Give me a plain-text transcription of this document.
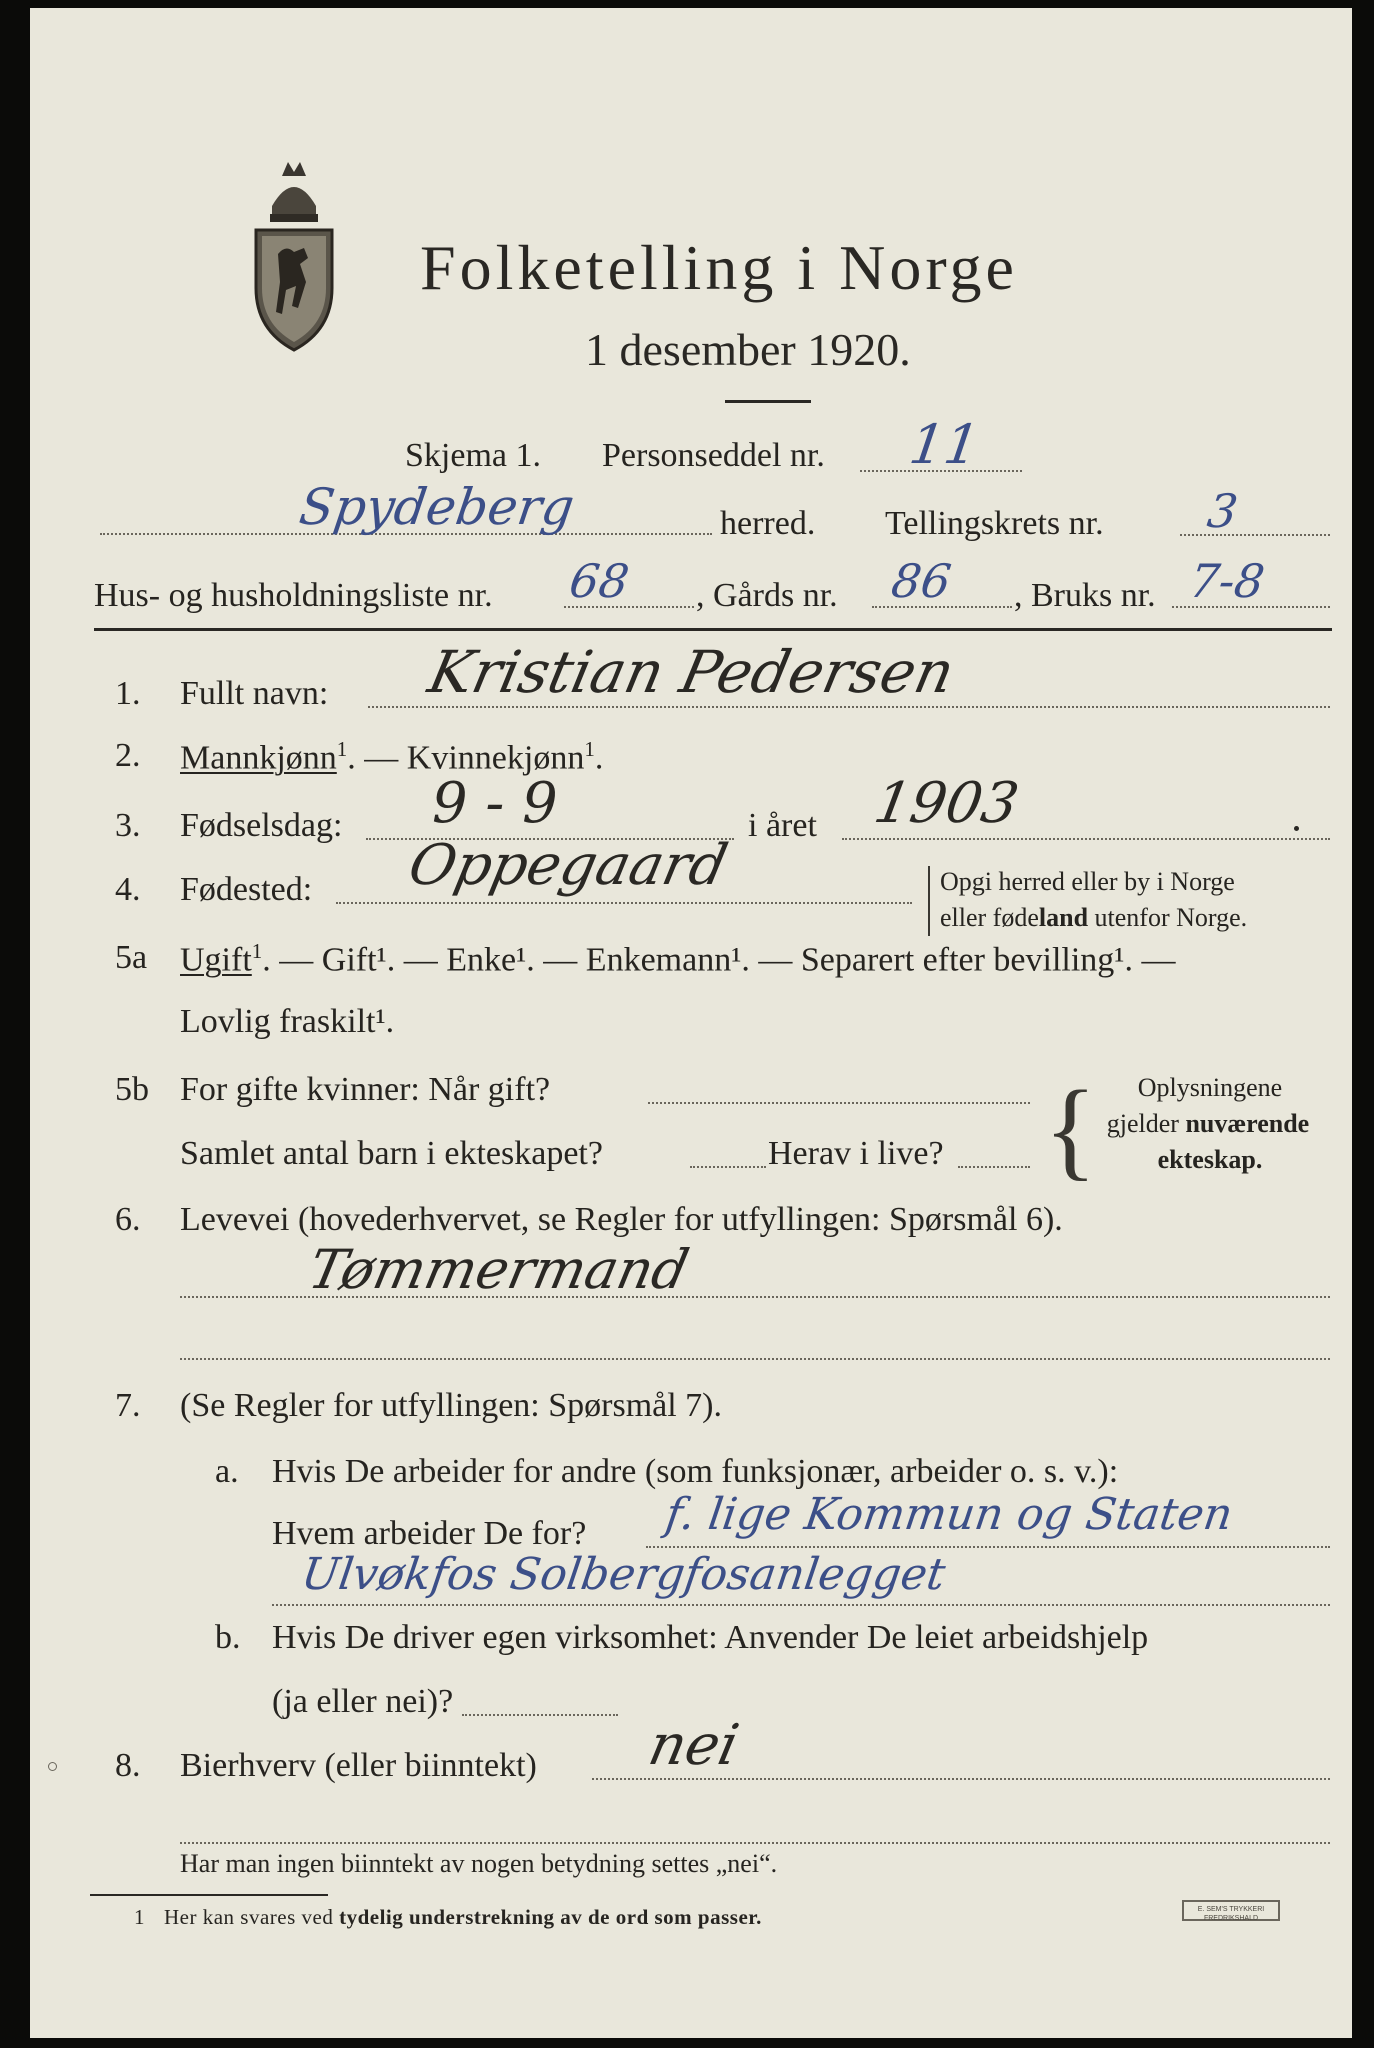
Folketelling i Norge
1 desember 1920.
Skjema 1. Personseddel nr. 11
Spydeberg	herred. Tellingskrets nr. 3
Hus- og husholdningsliste nr. 68 , Gårds nr. 86 , Bruks nr. 7-8
1. Fullt navn: Kristian Pedersen
2. Mannkjønn$^1$. — Kvinnekjønn$^1$.
3. Fødselsdag: 9 - 9	i året 1903
4. Fødested: Oppegaard	Opgi herred eller by i Norge
eller fødeland utenfor Norge.
5a Ugift$^1$. — Gift¹. — Enke¹. — Enkemann¹. — Separert efter bevilling¹. —
Lovlig fraskilt¹.
5b For gifte kvinner: Når gift?
Samlet antal barn i ekteskapet?	Herav i live? {	Oplysningene
gjelder nuværende
ekteskap.
6. Levevei (hovederhvervet, se Regler for utfyllingen: Spørsmål 6).
Tømmermand
7. (Se Regler for utfyllingen: Spørsmål 7).
a. Hvis De arbeider for andre (som funksjonær, arbeider o. s. v.):
Hvem arbeider De for? f. lige Kommun og Staten
Ulvøkfos Solbergfosanlegget
b. Hvis De driver egen virksomhet: Anvender De leiet arbeidshjelp
(ja eller nei)?
8. Bierhverv (eller biinntekt) nei
Har man ingen biinntekt av nogen betydning settes „nei“.
1 Her kan svares ved tydelig understrekning av de ord som passer.	E. SEM'S TRYKKERI FREDRIKSHALD
